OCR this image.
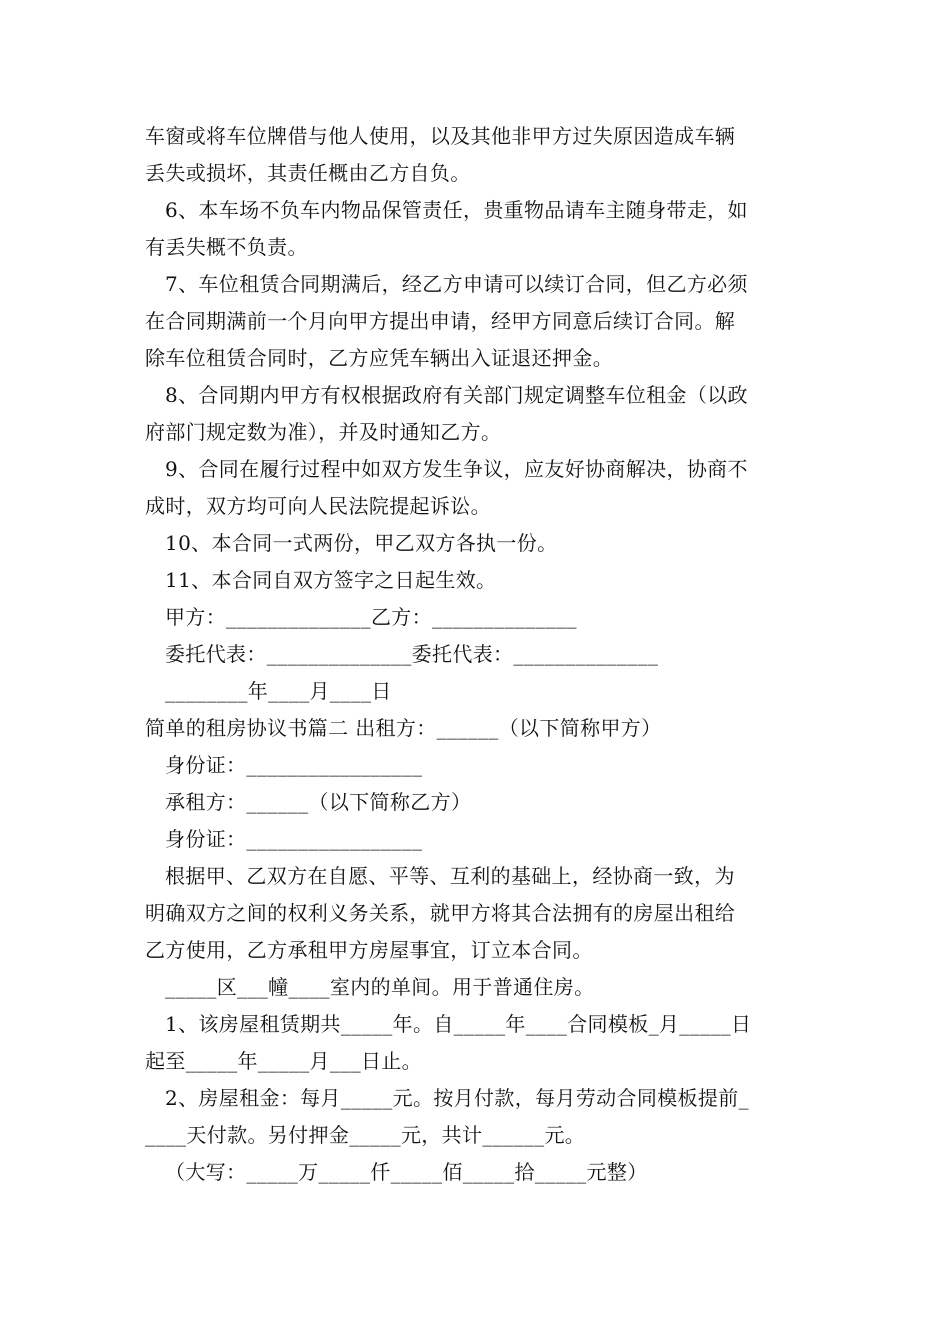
车窗或将车位牌借与他人使用，以及其他非甲方过失原因造成车辆
丢失或损坏，其责任概由乙方自负。
6、本车场不负车内物品保管责任，贵重物品请车主随身带走，如
有丢失概不负责。
7、车位租赁合同期满后，经乙方申请可以续订合同，但乙方必须
在合同期满前一个月向甲方提出申请，经甲方同意后续订合同。解
除车位租赁合同时，乙方应凭车辆出入证退还押金。
8、合同期内甲方有权根据政府有关部门规定调整车位租金（以政
府部门规定数为准），并及时通知乙方。
9、合同在履行过程中如双方发生争议，应友好协商解决，协商不
成时，双方均可向人民法院提起诉讼。
10、本合同一式两份，甲乙双方各执一份。
11、本合同自双方签字之日起生效。
甲方：______________乙方：______________
委托代表：______________委托代表：______________
________年____月____日
简单的租房协议书篇二 出租方：______（以下简称甲方）
身份证：_________________
承租方：______（以下简称乙方）
身份证：_________________
根据甲、乙双方在自愿、平等、互利的基础上，经协商一致，为
明确双方之间的权利义务关系，就甲方将其合法拥有的房屋出租给
乙方使用，乙方承租甲方房屋事宜，订立本合同。
_____区___幢____室内的单间。用于普通住房。
1、该房屋租赁期共_____年。自_____年____合同模板_月_____日
起至_____年_____月___日止。
2、房屋租金：每月_____元。按月付款，每月劳动合同模板提前_
____天付款。另付押金_____元，共计______元。
（大写：_____万_____仟_____佰_____拾_____元整）
